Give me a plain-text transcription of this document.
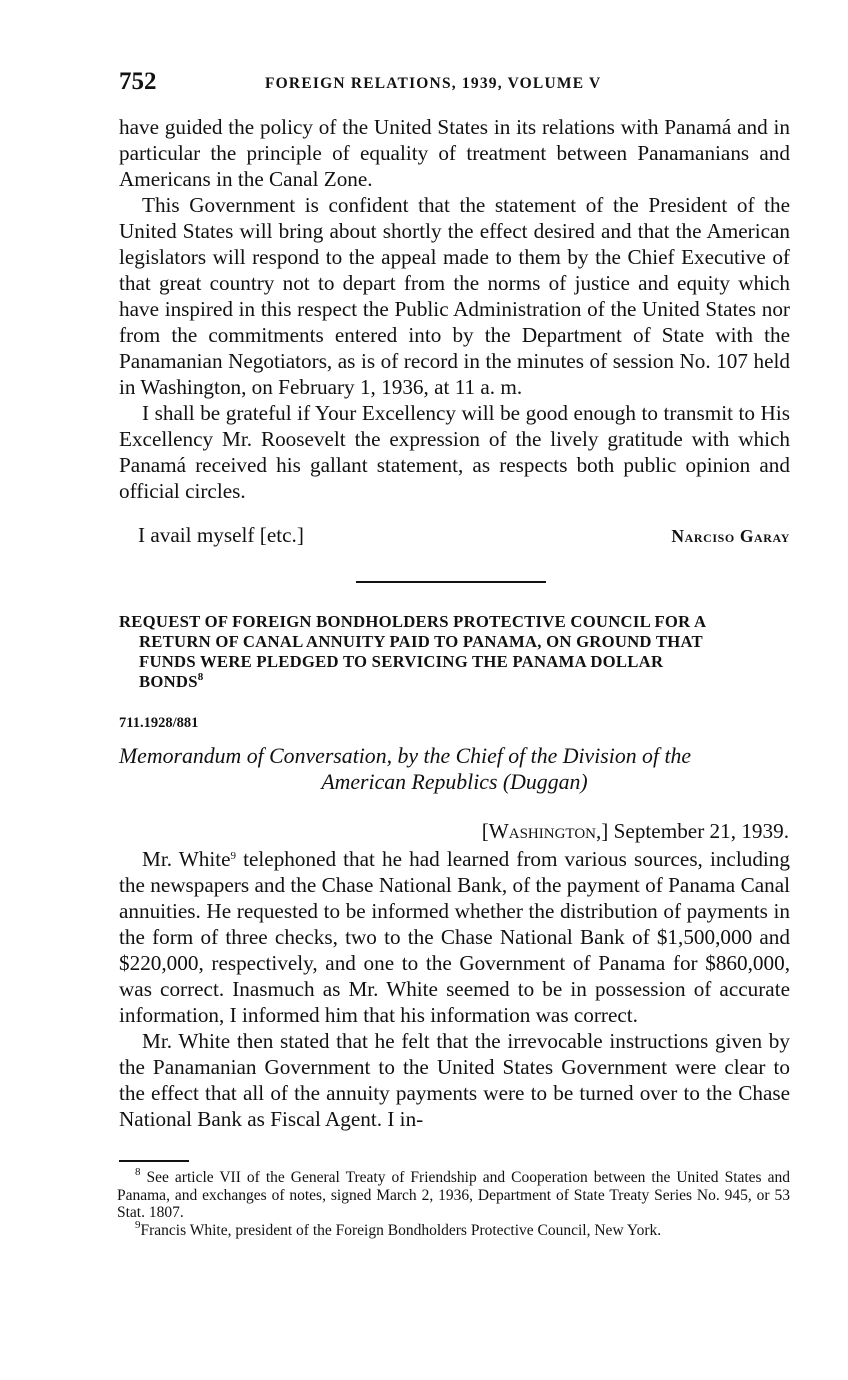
752	FOREIGN RELATIONS, 1939, VOLUME V

have guided the policy of the United States in its relations with Panamá and in particular the principle of equality of treatment between Panamanians and Americans in the Canal Zone.

This Government is confident that the statement of the President of the United States will bring about shortly the effect desired and that the American legislators will respond to the appeal made to them by the Chief Executive of that great country not to depart from the norms of justice and equity which have inspired in this respect the Public Administration of the United States nor from the commitments entered into by the Department of State with the Panamanian Negotiators, as is of record in the minutes of session No. 107 held in Washington, on February 1, 1936, at 11 a. m.

I shall be grateful if Your Excellency will be good enough to transmit to His Excellency Mr. Roosevelt the expression of the lively gratitude with which Panamá received his gallant statement, as respects both public opinion and official circles.

I avail myself [etc.]	Narciso Garay
REQUEST OF FOREIGN BONDHOLDERS PROTECTIVE COUNCIL FOR A
RETURN OF CANAL ANNUITY PAID TO PANAMA, ON GROUND THAT
FUNDS WERE PLEDGED TO SERVICING THE PANAMA DOLLAR
BONDS$^8$
711.1928/881
Memorandum of Conversation, by the Chief of the Division of the
American Republics (Duggan)
[Washington,] September 21, 1939.

Mr. White$^9$ telephoned that he had learned from various sources, including the newspapers and the Chase National Bank, of the payment of Panama Canal annuities. He requested to be informed whether the distribution of payments in the form of three checks, two to the Chase National Bank of $1,500,000 and $220,000, respectively, and one to the Government of Panama for $860,000, was correct. Inasmuch as Mr. White seemed to be in possession of accurate information, I informed him that his information was correct.

Mr. White then stated that he felt that the irrevocable instructions given by the Panamanian Government to the United States Government were clear to the effect that all of the annuity payments were to be turned over to the Chase National Bank as Fiscal Agent. I in-

$^8$ See article VII of the General Treaty of Friendship and Cooperation between the United States and Panama, and exchanges of notes, signed March 2, 1936, Department of State Treaty Series No. 945, or 53 Stat. 1807.

$^9$Francis White, president of the Foreign Bondholders Protective Council, New York.
